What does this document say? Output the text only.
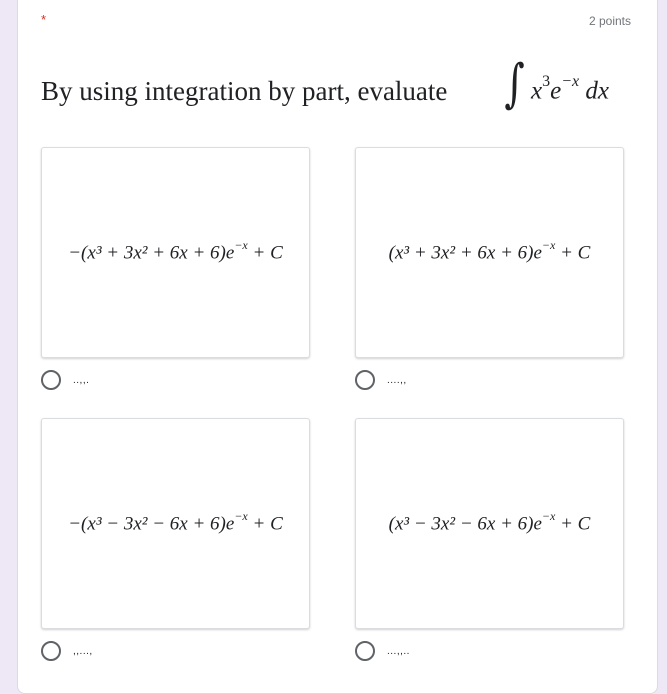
*	2 points
By using integration by part, evaluate ∫ $x^3e^{-x}$ dx
$-(x^3 + 3x^2 + 6x + 6)e^{-x} + C$
..,,.
$(x^3 + 3x^2 + 6x + 6)e^{-x} + C$
....,,
$-(x^3 - 3x^2 - 6x + 6)e^{-x} + C$
,,...,
$(x^3 - 3x^2 - 6x + 6)e^{-x} + C$
...,,..
